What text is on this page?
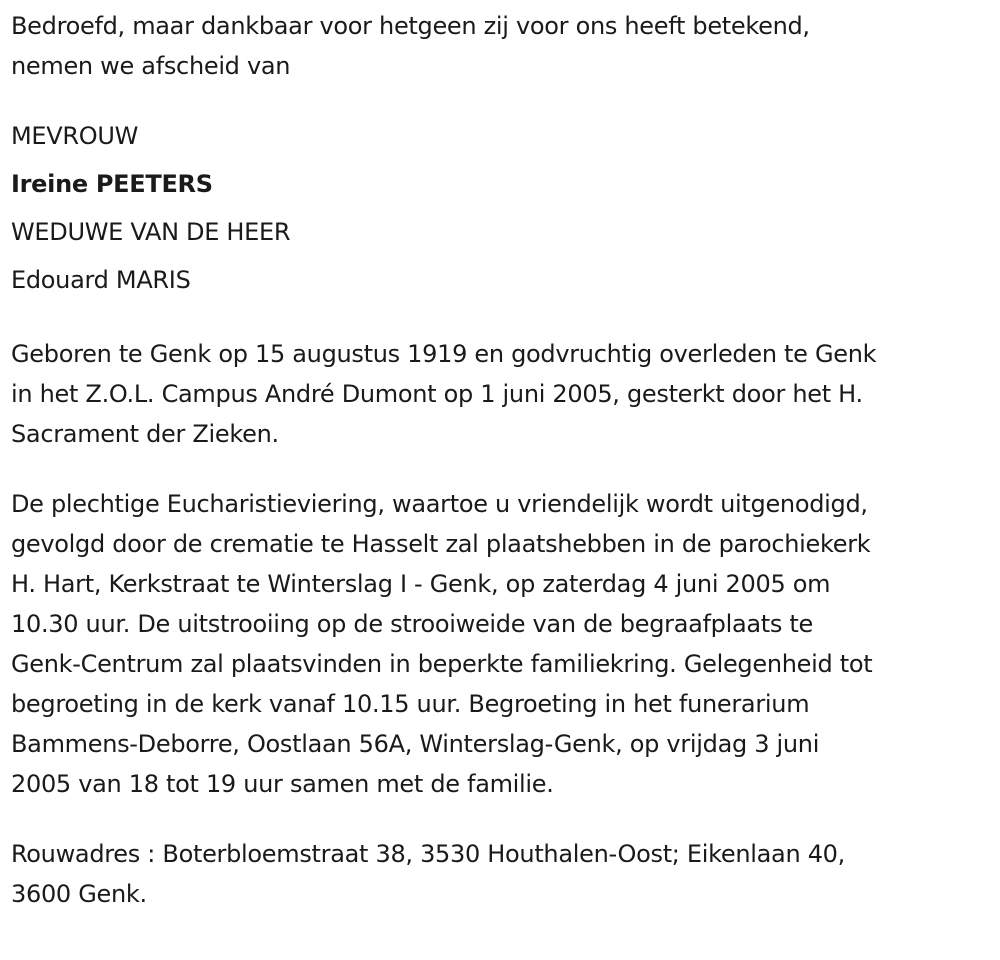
Bedroefd, maar dankbaar voor hetgeen zij voor ons heeft betekend,
nemen we afscheid van
MEVROUW
Ireine PEETERS
WEDUWE VAN DE HEER
Edouard MARIS
Geboren te Genk op 15 augustus 1919 en godvruchtig overleden te Genk
in het Z.O.L. Campus André Dumont op 1 juni 2005, gesterkt door het H.
Sacrament der Zieken.
De plechtige Eucharistieviering, waartoe u vriendelijk wordt uitgenodigd,
gevolgd door de crematie te Hasselt zal plaatshebben in de parochiekerk
H. Hart, Kerkstraat te Winterslag I - Genk, op zaterdag 4 juni 2005 om
10.30 uur. De uitstrooiing op de strooiweide van de begraafplaats te
Genk-Centrum zal plaatsvinden in beperkte familiekring. Gelegenheid tot
begroeting in de kerk vanaf 10.15 uur. Begroeting in het funerarium
Bammens-Deborre, Oostlaan 56A, Winterslag-Genk, op vrijdag 3 juni
2005 van 18 tot 19 uur samen met de familie.
Rouwadres : Boterbloemstraat 38, 3530 Houthalen-Oost; Eikenlaan 40,
3600 Genk.
